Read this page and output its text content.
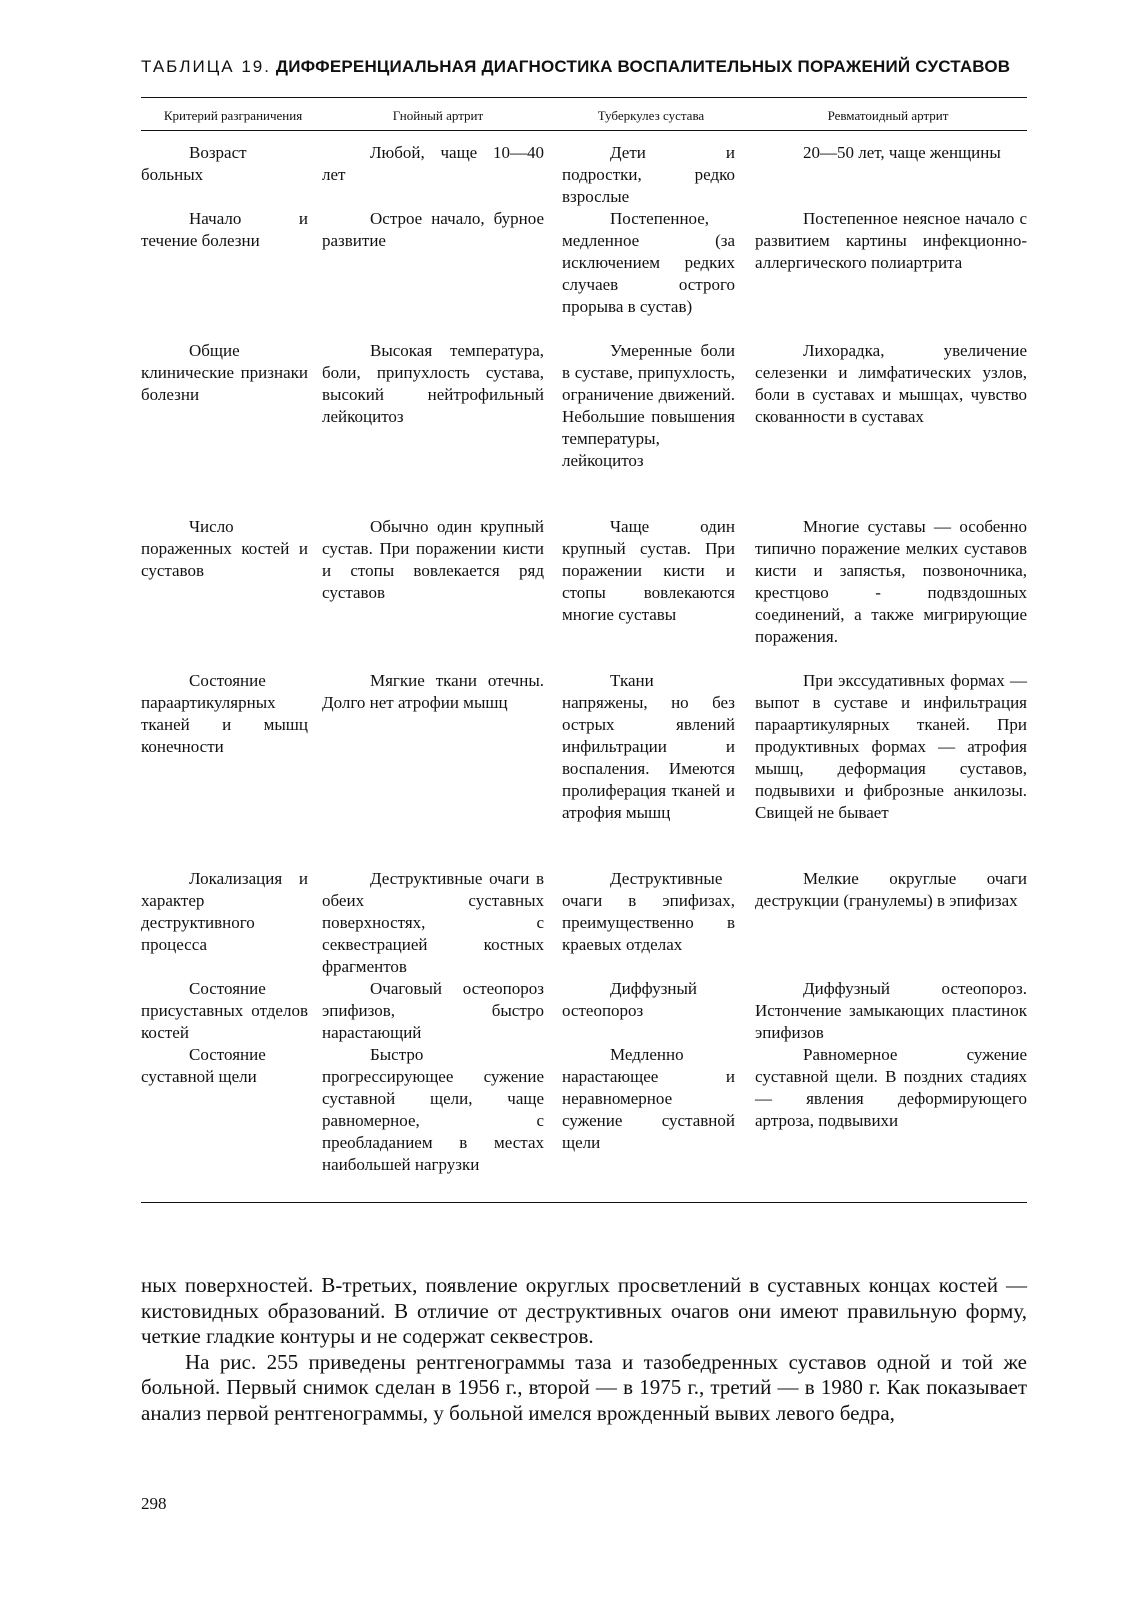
ТАБЛИЦА 19. ДИФФЕРЕНЦИАЛЬНАЯ ДИАГНОСТИКА ВОСПАЛИТЕЛЬНЫХ ПОРАЖЕНИЙ СУСТАВОВ
Критерий разграничения	Гнойный артрит	Туберкулез сустава	Ревматоидный артрит
Возраст больных	Любой, чаще 10—40 лет	Дети и подростки, редко взрослые	20—50 лет, чаще женщины

Начало и течение болезни	Острое начало, бурное развитие	Постепенное, медленное (за исключением редких случаев острого прорыва в сустав)	Постепенное неясное начало с развитием картины инфекционно-аллергического полиартрита

Общие клинические признаки болезни	Высокая температура, боли, припухлость сустава, высокий нейтрофильный лейкоцитоз	Умеренные боли в суставе, припухлость, ограничение движений. Небольшие повышения температуры, лейкоцитоз	Лихорадка, увеличение селезенки и лимфатических узлов, боли в суставах и мышцах, чувство скованности в суставах

Число пораженных костей и суставов	Обычно один крупный сустав. При поражении кисти и стопы вовлекается ряд суставов	Чаще один крупный сустав. При поражении кисти и стопы вовлекаются многие суставы	Многие суставы — особенно типично поражение мелких суставов кисти и запястья, позвоночника, крестцово - подвздошных соединений, а также мигрирующие поражения.

Состояние параартикулярных тканей и мышц конечности	Мягкие ткани отечны. Долго нет атрофии мышц	Ткани напряжены, но без острых явлений инфильтрации и воспаления. Имеются пролиферация тканей и атрофия мышц	При экссудативных формах — выпот в суставе и инфильтрация параартикулярных тканей. При продуктивных формах — атрофия мышц, деформация суставов, подвывихи и фиброзные анкилозы. Свищей не бывает

Локализация и характер деструктивного процесса	Деструктивные очаги в обеих суставных поверхностях, с секвестрацией костных фрагментов	Деструктивные очаги в эпифизах, преимущественно в краевых отделах	Мелкие округлые очаги деструкции (гранулемы) в эпифизах

Состояние присуставных отделов костей	Очаговый остеопороз эпифизов, быстро нарастающий	Диффузный остеопороз	Диффузный остеопороз. Истончение замыкающих пластинок эпифизов

Состояние суставной щели	Быстро прогрессирующее сужение суставной щели, чаще равномерное, с преобладанием в местах наибольшей нагрузки	Медленно нарастающее и неравномерное сужение суставной щели	Равномерное сужение суставной щели. В поздних стадиях — явления деформирующего артроза, подвывихи

ных поверхностей. В-третьих, появление округлых просветлений в суставных концах костей — кистовидных образований. В отличие от деструктивных очагов они имеют правильную форму, четкие гладкие контуры и не содержат секвестров.

На рис. 255 приведены рентгенограммы таза и тазобедренных суставов одной и той же больной. Первый снимок сделан в 1956 г., второй — в 1975 г., третий — в 1980 г. Как показывает анализ первой рентгенограммы, у больной имелся врожденный вывих левого бедра,

298
